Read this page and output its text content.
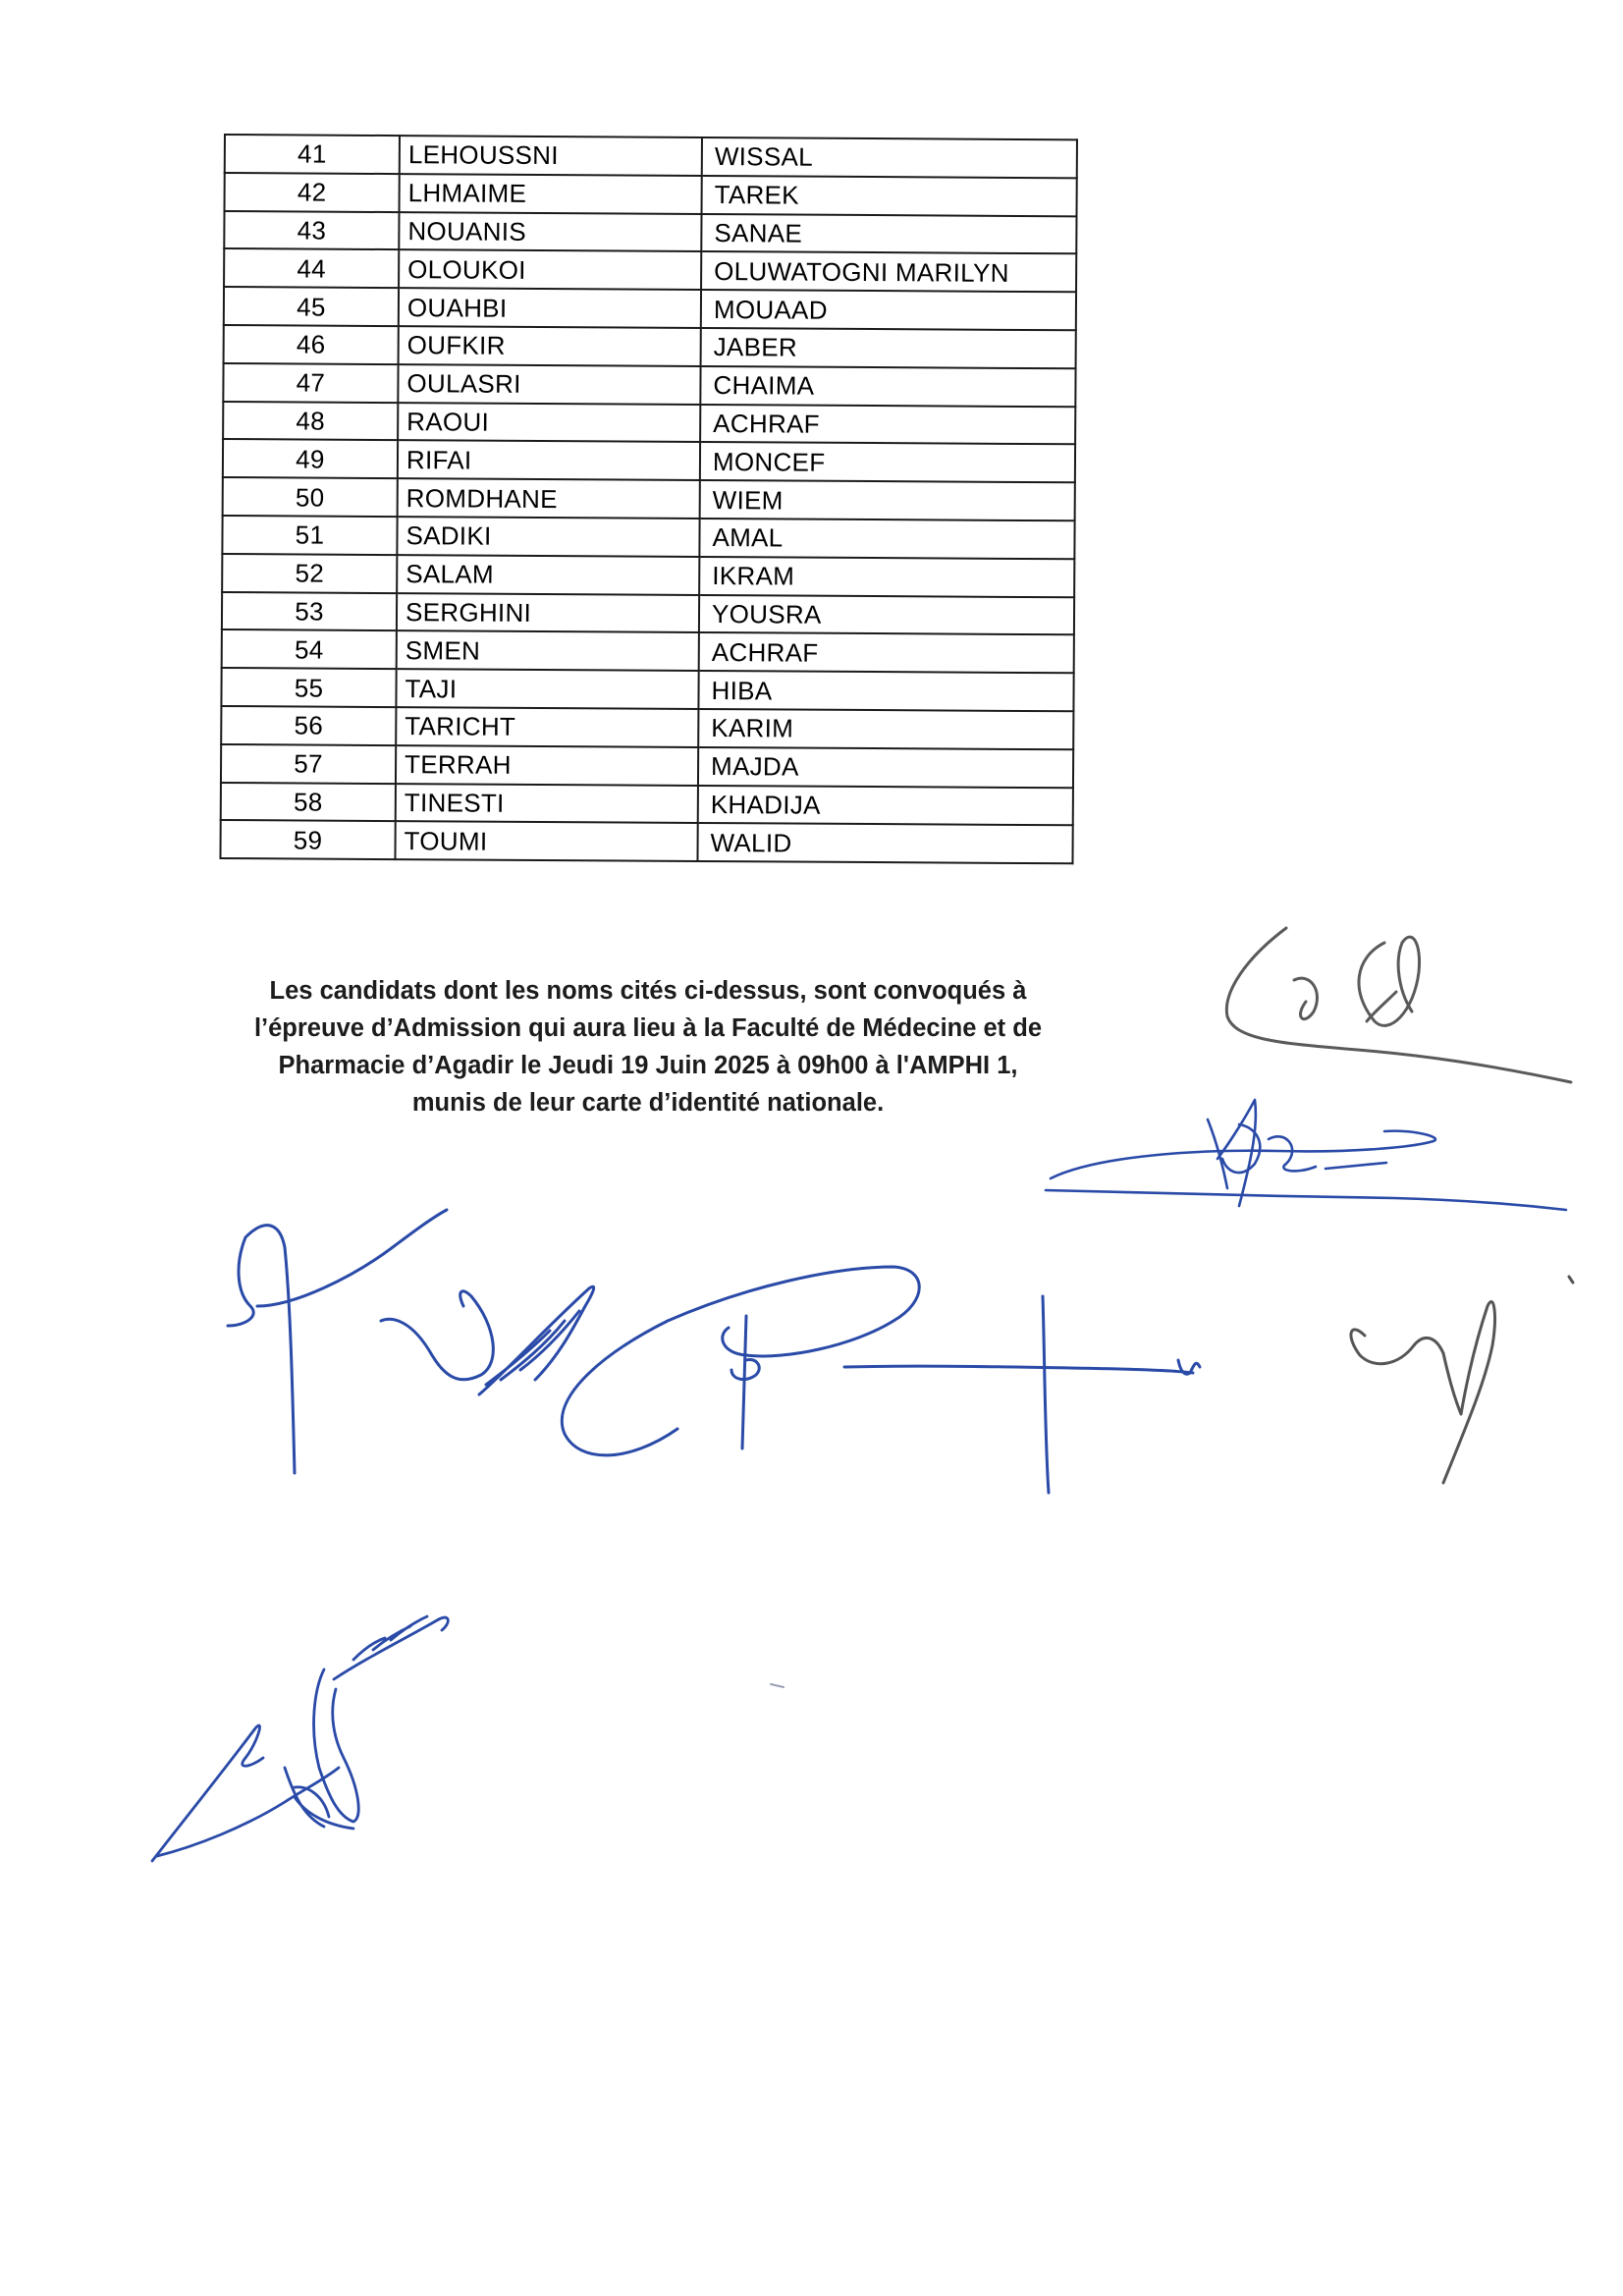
41	LEHOUSSNI	WISSAL
42	LHMAIME	TAREK
43	NOUANIS	SANAE
44	OLOUKOI	OLUWATOGNI MARILYN
45	OUAHBI	MOUAAD
46	OUFKIR	JABER
47	OULASRI	CHAIMA
48	RAOUI	ACHRAF
49	RIFAI	MONCEF
50	ROMDHANE	WIEM
51	SADIKI	AMAL
52	SALAM	IKRAM
53	SERGHINI	YOUSRA
54	SMEN	ACHRAF
55	TAJI	HIBA
56	TARICHT	KARIM
57	TERRAH	MAJDA
58	TINESTI	KHADIJA
59	TOUMI	WALID

Les candidats dont les noms cités ci-dessus, sont convoqués à

l’épreuve d’Admission qui aura lieu à la Faculté de Médecine et de

Pharmacie d’Agadir le Jeudi 19 Juin 2025 à 09h00 à l'AMPHI 1,

munis de leur carte d’identité nationale.
